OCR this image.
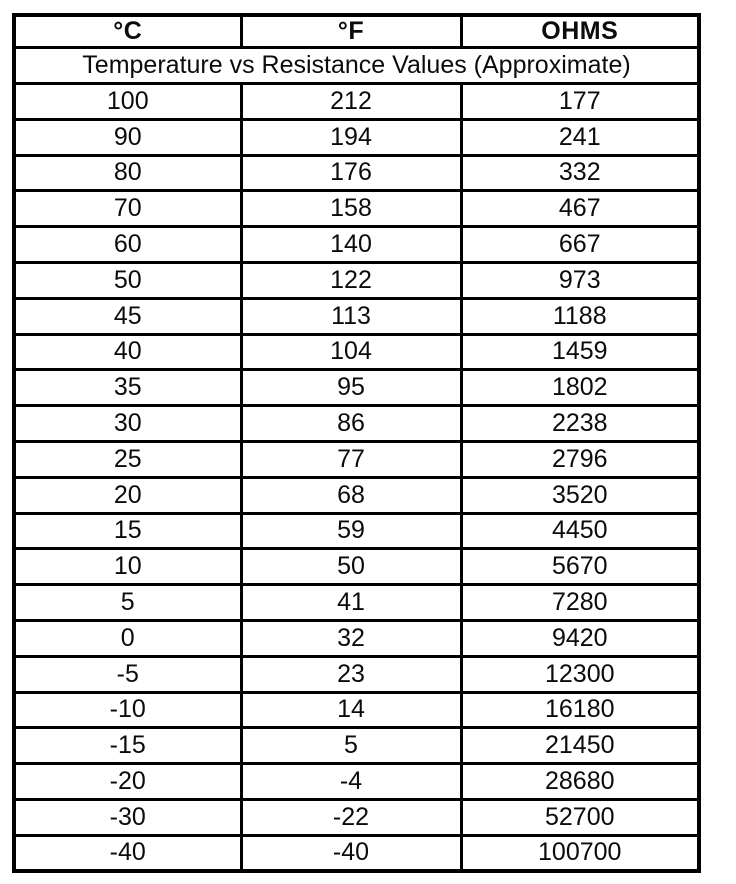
°C	°F	OHMS
Temperature vs Resistance Values (Approximate)		
100	212	177
90	194	241
80	176	332
70	158	467
60	140	667
50	122	973
45	113	1188
40	104	1459
35	95	1802
30	86	2238
25	77	2796
20	68	3520
15	59	4450
10	50	5670
5	41	7280
0	32	9420
-5	23	12300
-10	14	16180
-15	5	21450
-20	-4	28680
-30	-22	52700
-40	-40	100700
